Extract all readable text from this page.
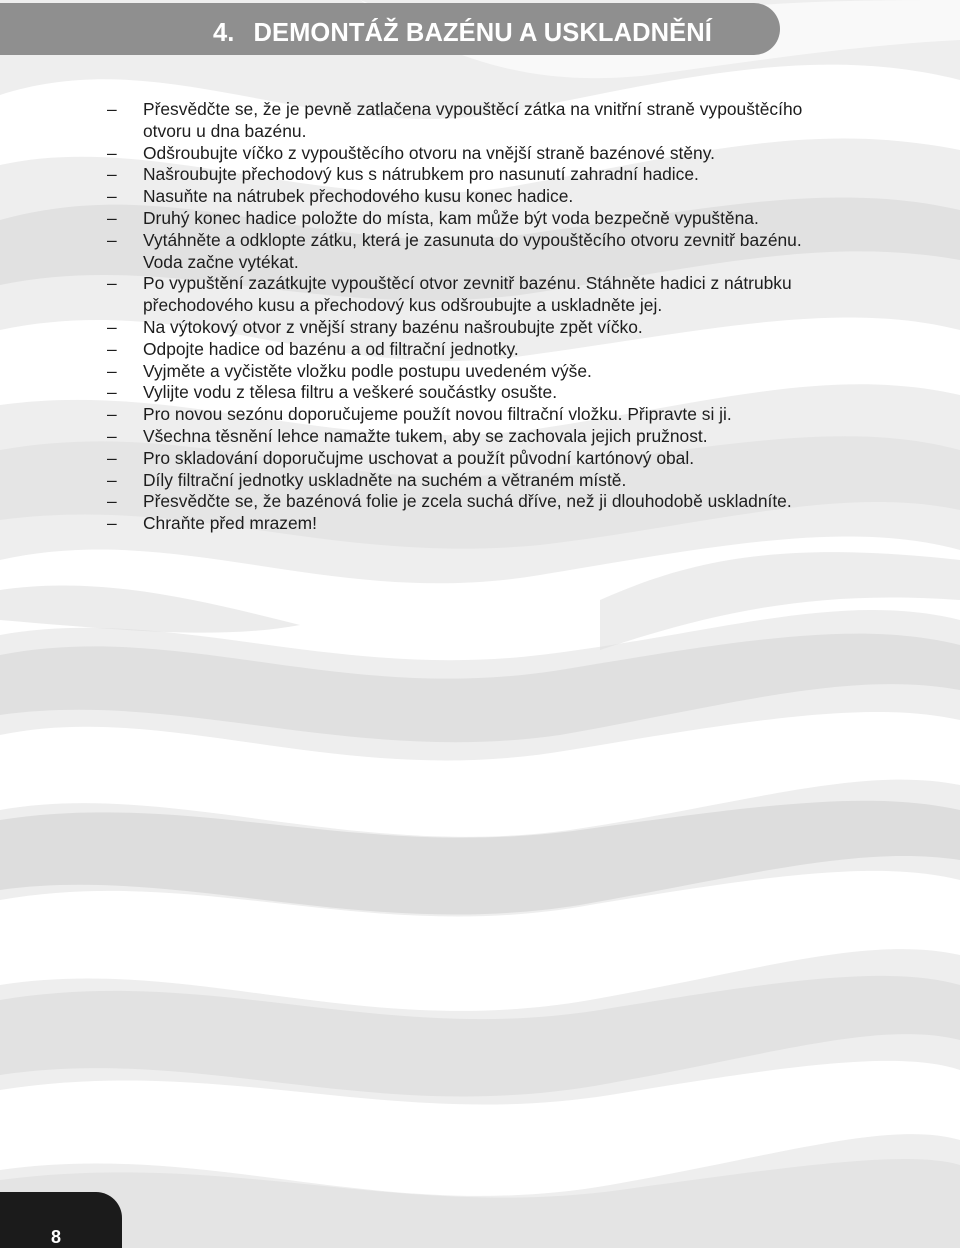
4. DEMONTÁŽ BAZÉNU A USKLADNĚNÍ
– Přesvědčte se, že je pevně zatlačena vypouštěcí zátka na vnitřní straně vypouštěcího
otvoru u dna bazénu.
– Odšroubujte víčko z vypouštěcího otvoru na vnější straně bazénové stěny.
– Našroubujte přechodový kus s nátrubkem pro nasunutí zahradní hadice.
– Nasuňte na nátrubek přechodového kusu konec hadice.
– Druhý konec hadice položte do místa, kam může být voda bezpečně vypuštěna.
– Vytáhněte a odklopte zátku, která je zasunuta do vypouštěcího otvoru zevnitř bazénu.
Voda začne vytékat.
– Po vypuštění zazátkujte vypouštěcí otvor zevnitř bazénu. Stáhněte hadici z nátrubku
přechodového kusu a přechodový kus odšroubujte a uskladněte jej.
– Na výtokový otvor z vnější strany bazénu našroubujte zpět víčko.
– Odpojte hadice od bazénu a od filtrační jednotky.
– Vyjměte a vyčistěte vložku podle postupu uvedeném výše.
– Vylijte vodu z tělesa filtru a veškeré součástky osušte.
– Pro novou sezónu doporučujeme použít novou filtrační vložku. Připravte si ji.
– Všechna těsnění lehce namažte tukem, aby se zachovala jejich pružnost.
– Pro skladování doporučujme uschovat a použít původní kartónový obal.
– Díly filtrační jednotky uskladněte na suchém a větraném místě.
– Přesvědčte se, že bazénová folie je zcela suchá dříve, než ji dlouhodobě uskladníte.
– Chraňte před mrazem!
8
